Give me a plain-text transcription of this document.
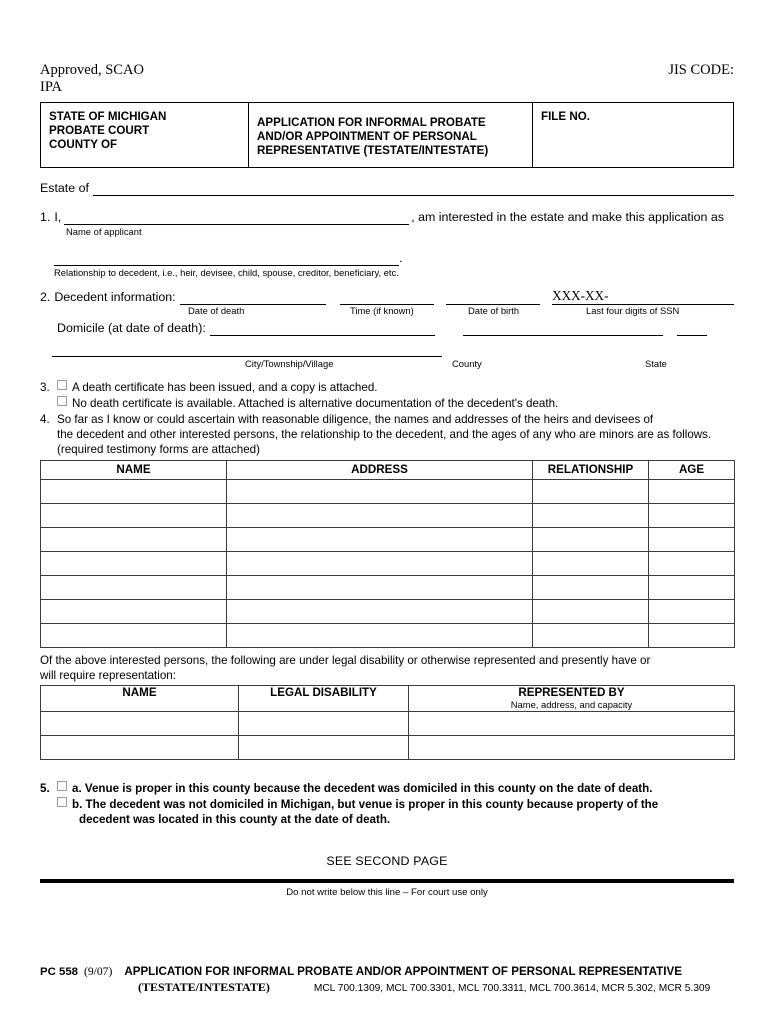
Approved, SCAO
IPA
JIS CODE:
STATE OF MICHIGAN
PROBATE COURT
COUNTY OF
APPLICATION FOR INFORMAL PROBATE
AND/OR APPOINTMENT OF PERSONAL
REPRESENTATIVE (TESTATE/INTESTATE)
FILE NO.
Estate of
1. I,	, am interested in the estate and make this application as
Name of applicant
.
Relationship to decedent, i.e., heir, devisee, child, spouse, creditor, beneficiary, etc.
2. Decedent information:	XXX-XX-
Date of death	Time (if known)	Date of birth	Last four digits of SSN
Domicile (at date of death):
City/Township/Village	County	State
3.	A death certificate has been issued, and a copy is attached.
No death certificate is available. Attached is alternative documentation of the decedent's death.
4. So far as I know or could ascertain with reasonable diligence, the names and addresses of the heirs and devisees of
the decedent and other interested persons, the relationship to the decedent, and the ages of any who are minors are as follows.
(required testimony forms are attached)
NAME	ADDRESS	RELATIONSHIP	AGE

Of the above interested persons, the following are under legal disability or otherwise represented and presently have or
will require representation:
NAME	LEGAL DISABILITY	REPRESENTED BY
Name, address, and capacity

5.	a. Venue is proper in this county because the decedent was domiciled in this county on the date of death.
b. The decedent was not domiciled in Michigan, but venue is proper in this county because property of the
decedent was located in this county at the date of death.
SEE SECOND PAGE
Do not write below this line – For court use only
PC 558 (9/07) APPLICATION FOR INFORMAL PROBATE AND/OR APPOINTMENT OF PERSONAL REPRESENTATIVE
(TESTATE/INTESTATE)	MCL 700.1309, MCL 700.3301, MCL 700.3311, MCL 700.3614, MCR 5.302, MCR 5.309
